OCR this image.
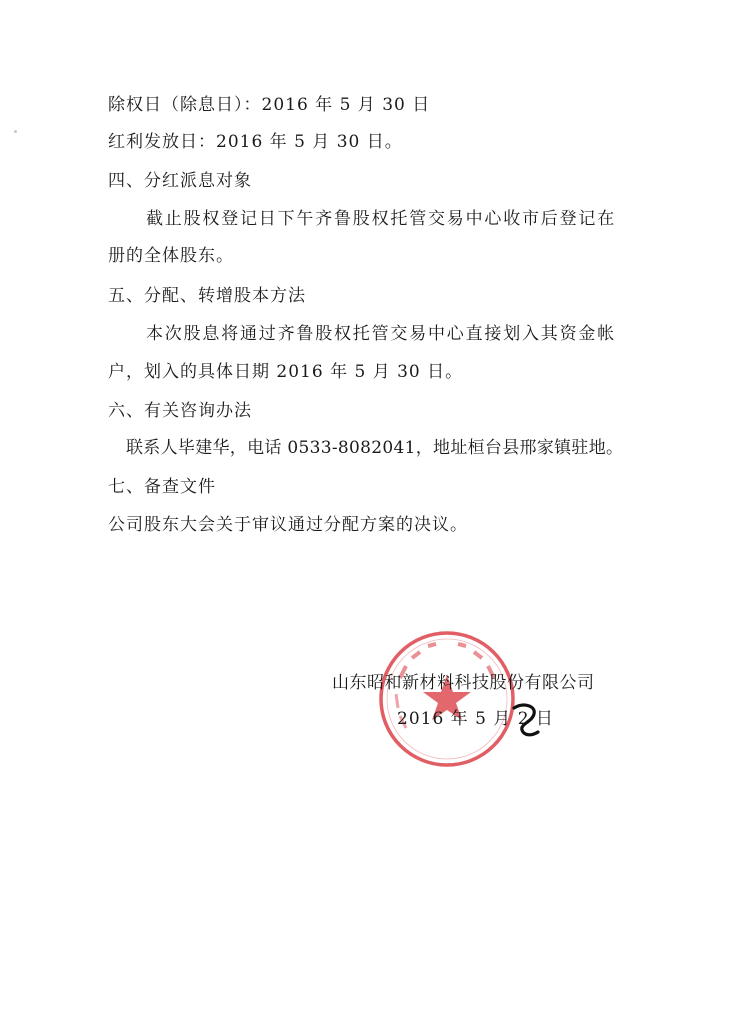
除权日（除息日）：2016 年 5 月 30 日
红利发放日：2016 年 5 月 30 日。
四、分红派息对象
截止股权登记日下午齐鲁股权托管交易中心收市后登记在
册的全体股东。
五、分配、转增股本方法
本次股息将通过齐鲁股权托管交易中心直接划入其资金帐
户，划入的具体日期 2016 年 5 月 30 日。
六、有关咨询办法
联系人毕建华，电话 0533-8082041，地址桓台县邢家镇驻地。
七、备查文件
公司股东大会关于审议通过分配方案的决议。
山东昭和新材料科技股份有限公司
2016 年 5 月 2 日
